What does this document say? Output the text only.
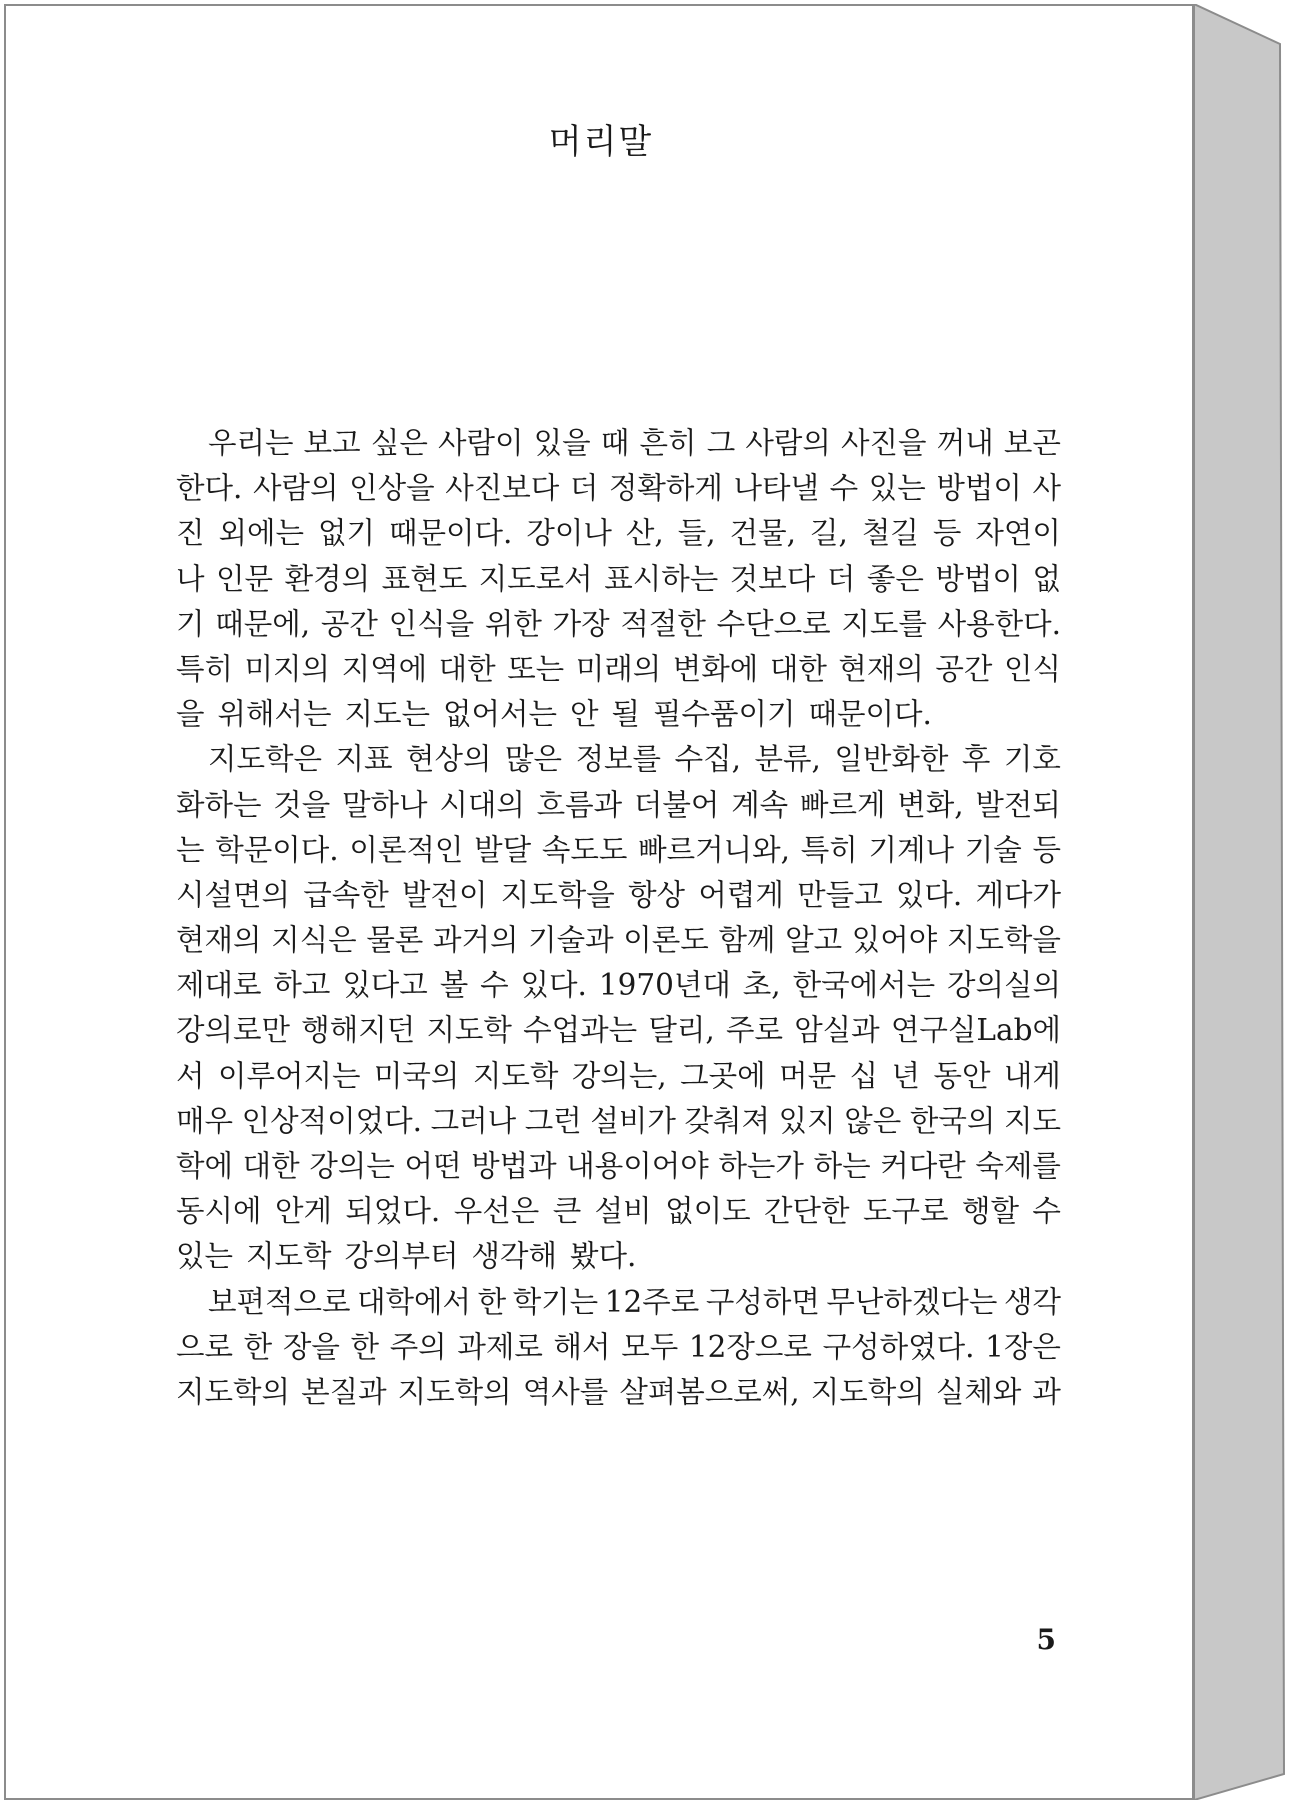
머리말
우리는 보고 싶은 사람이 있을 때 흔히 그 사람의 사진을 꺼내 보곤
한다. 사람의 인상을 사진보다 더 정확하게 나타낼 수 있는 방법이 사
진 외에는 없기 때문이다. 강이나 산, 들, 건물, 길, 철길 등 자연이
나 인문 환경의 표현도 지도로서 표시하는 것보다 더 좋은 방법이 없
기 때문에, 공간 인식을 위한 가장 적절한 수단으로 지도를 사용한다.
특히 미지의 지역에 대한 또는 미래의 변화에 대한 현재의 공간 인식
을 위해서는 지도는 없어서는 안 될 필수품이기 때문이다.
지도학은 지표 현상의 많은 정보를 수집, 분류, 일반화한 후 기호
화하는 것을 말하나 시대의 흐름과 더불어 계속 빠르게 변화, 발전되
는 학문이다. 이론적인 발달 속도도 빠르거니와, 특히 기계나 기술 등
시설면의 급속한 발전이 지도학을 항상 어렵게 만들고 있다. 게다가
현재의 지식은 물론 과거의 기술과 이론도 함께 알고 있어야 지도학을
제대로 하고 있다고 볼 수 있다. 1970년대 초, 한국에서는 강의실의
강의로만 행해지던 지도학 수업과는 달리, 주로 암실과 연구실Lab에
서 이루어지는 미국의 지도학 강의는, 그곳에 머문 십 년 동안 내게
매우 인상적이었다. 그러나 그런 설비가 갖춰져 있지 않은 한국의 지도
학에 대한 강의는 어떤 방법과 내용이어야 하는가 하는 커다란 숙제를
동시에 안게 되었다. 우선은 큰 설비 없이도 간단한 도구로 행할 수
있는 지도학 강의부터 생각해 봤다.
보편적으로 대학에서 한 학기는 12주로 구성하면 무난하겠다는 생각
으로 한 장을 한 주의 과제로 해서 모두 12장으로 구성하였다. 1장은
지도학의 본질과 지도학의 역사를 살펴봄으로써, 지도학의 실체와 과
5
